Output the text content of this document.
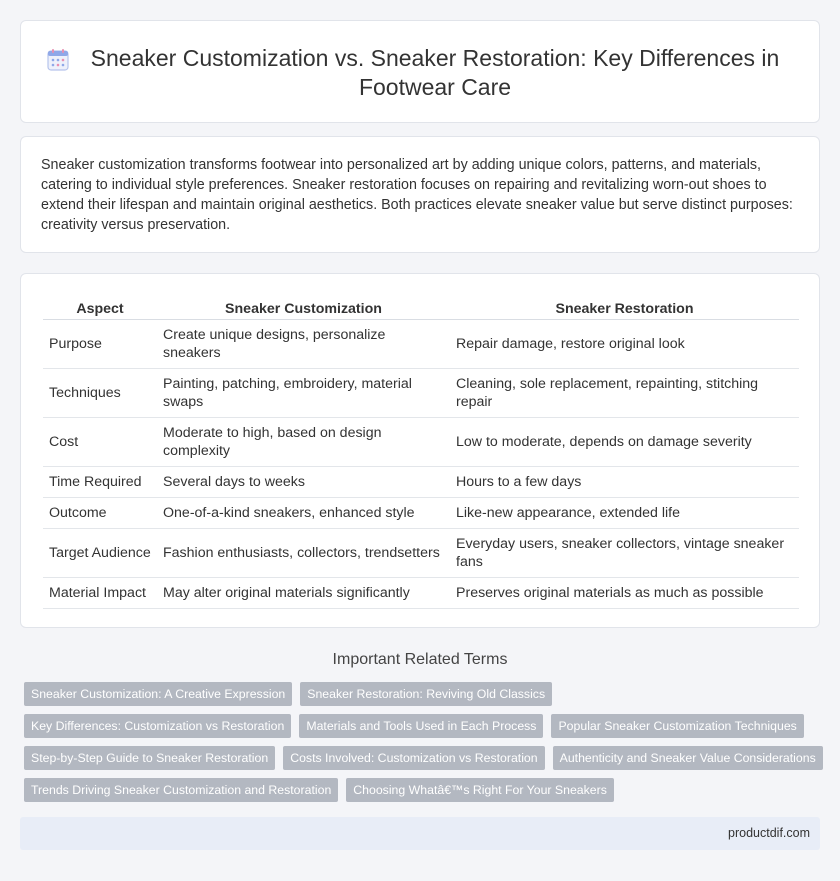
Sneaker Customization vs. Sneaker Restoration: Key Differences in Footwear Care

Sneaker customization transforms footwear into personalized art by adding unique colors, patterns, and materials, catering to individual style preferences. Sneaker restoration focuses on repairing and revitalizing worn-out shoes to extend their lifespan and maintain original aesthetics. Both practices elevate sneaker value but serve distinct purposes: creativity versus preservation.

Aspect	Sneaker Customization	Sneaker Restoration
Purpose	Create unique designs, personalize sneakers	Repair damage, restore original look
Techniques	Painting, patching, embroidery, material swaps	Cleaning, sole replacement, repainting, stitching repair
Cost	Moderate to high, based on design complexity	Low to moderate, depends on damage severity
Time Required	Several days to weeks	Hours to a few days
Outcome	One-of-a-kind sneakers, enhanced style	Like-new appearance, extended life
Target Audience	Fashion enthusiasts, collectors, trendsetters	Everyday users, sneaker collectors, vintage sneaker fans
Material Impact	May alter original materials significantly	Preserves original materials as much as possible
Important Related Terms
Sneaker Customization: A Creative Expression	Sneaker Restoration: Reviving Old Classics
Key Differences: Customization vs Restoration	Materials and Tools Used in Each Process	Popular Sneaker Customization Techniques
Step-by-Step Guide to Sneaker Restoration	Costs Involved: Customization vs Restoration	Authenticity and Sneaker Value Considerations
Trends Driving Sneaker Customization and Restoration	Choosing Whatâ€™s Right For Your Sneakers
productdif.com
